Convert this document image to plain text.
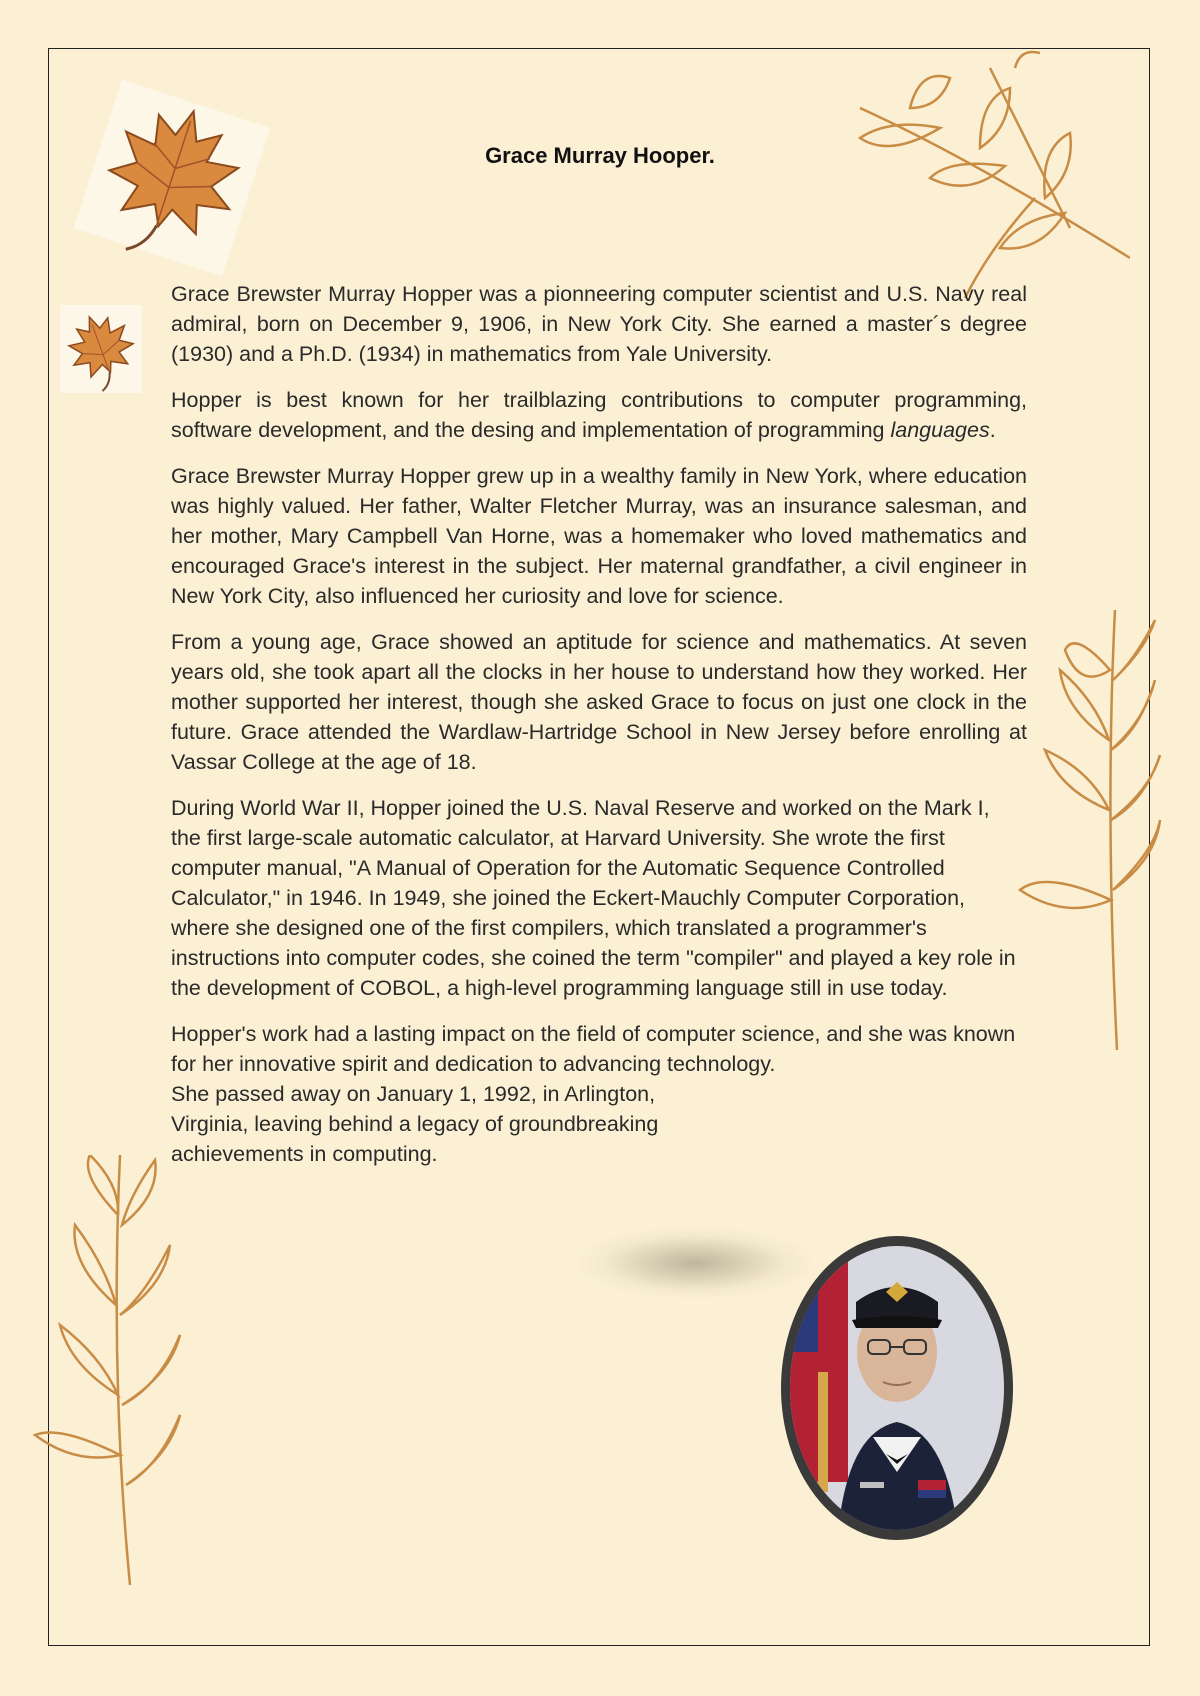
Grace Murray Hooper.

Grace Brewster Murray Hopper was a pionneering computer scientist and U.S. Navy real admiral, born on December 9, 1906, in New York City. She earned a master´s degree (1930) and a Ph.D. (1934) in mathematics from Yale University.

Hopper is best known for her trailblazing contributions to computer programming, software development, and the desing and implementation of programming languages.

Grace Brewster Murray Hopper grew up in a wealthy family in New York, where education was highly valued. Her father, Walter Fletcher Murray, was an insurance salesman, and her mother, Mary Campbell Van Horne, was a homemaker who loved mathematics and encouraged Grace's interest in the subject. Her maternal grandfather, a civil engineer in New York City, also influenced her curiosity and love for science.

From a young age, Grace showed an aptitude for science and mathematics. At seven years old, she took apart all the clocks in her house to understand how they worked. Her mother supported her interest, though she asked Grace to focus on just one clock in the future. Grace attended the Wardlaw-Hartridge School in New Jersey before enrolling at Vassar College at the age of 18.

During World War II, Hopper joined the U.S. Naval Reserve and worked on the Mark I, the first large-scale automatic calculator, at Harvard University. She wrote the first computer manual, "A Manual of Operation for the Automatic Sequence Controlled Calculator," in 1946. In 1949, she joined the Eckert-Mauchly Computer Corporation, where she designed one of the first compilers, which translated a programmer's instructions into computer codes, she coined the term "compiler" and played a key role in the development of COBOL, a high-level programming language still in use today.

Hopper's work had a lasting impact on the field of computer science, and she was known for her innovative spirit and dedication to advancing technology.

She passed away on January 1, 1992, in Arlington, Virginia, leaving behind a legacy of groundbreaking achievements in computing.
